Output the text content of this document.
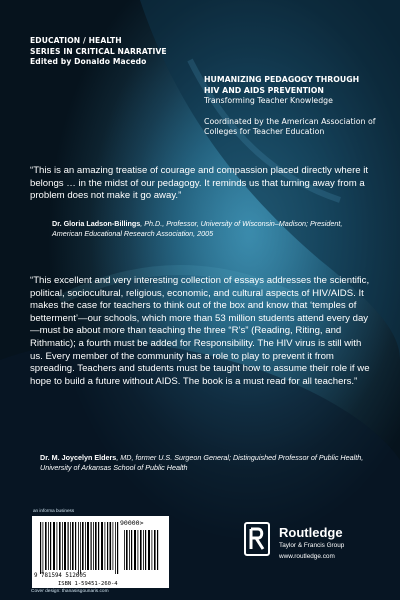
EDUCATION / HEALTH
SERIES IN CRITICAL NARRATIVE
Edited by Donaldo Macedo
HUMANIZING PEDAGOGY THROUGH
HIV AND AIDS PREVENTION
Transforming Teacher Knowledge
Coordinated by the American Association of
Colleges for Teacher Education
“This is an amazing treatise of courage and compassion placed directly where it belongs … in the midst of our pedagogy. It reminds us that turning away from a problem does not make it go away.”
Dr. Gloria Ladson-Billings, Ph.D., Professor, University of Wisconsin–Madison; President, American Educational Research Association, 2005
“This excellent and very interesting collection of essays addresses the scientific, political, sociocultural, religious, economic, and cultural aspects of HIV/AIDS. It makes the case for teachers to think out of the box and know that ‘temples of betterment’—our schools, which more than 53 million students attend every day—must be about more than teaching the three “R’s” (Reading, Riting, and Rithmatic); a fourth must be added for Responsibility. The HIV virus is still with us. Every member of the community has a role to play to prevent it from spreading. Teachers and students must be taught how to assume their role if we hope to build a future without AIDS. The book is a must read for all teachers.”
Dr. M. Joycelyn Elders, MD, former U.S. Surgeon General; Distinguished Professor of Public Health, University of Arkansas School of Public Health
an informa business
90000>
9 781594 512605
ISBN 1-59451-260-4
Cover design: thanasisgounaris.com
Routledge
Taylor & Francis Group
www.routledge.com
